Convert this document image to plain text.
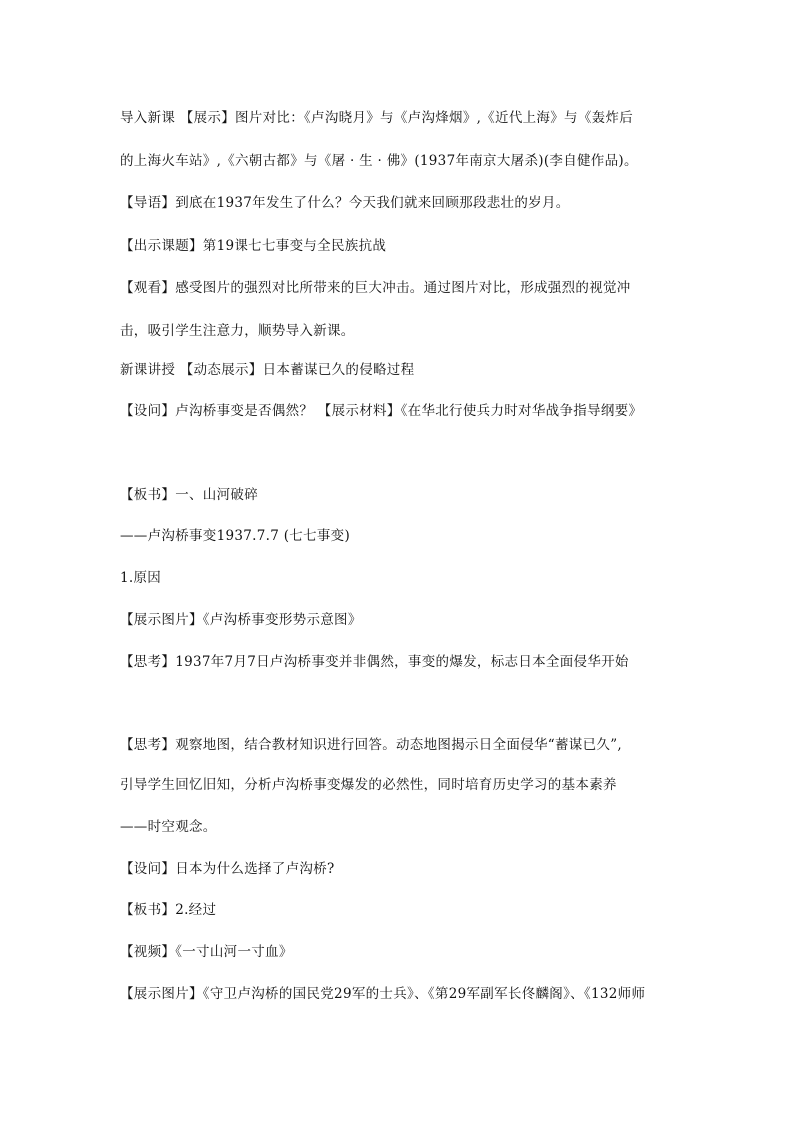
导入新课 【展示】图片对比：《卢沟晓月》与《卢沟烽烟》,《近代上海》与《轰炸后
的上海火车站》,《六朝古都》与《屠 · 生 · 佛》(1937年南京大屠杀)(李自健作品)。
【导语】到底在1937年发生了什么？今天我们就来回顾那段悲壮的岁月。
【出示课题】第19课七七事变与全民族抗战
【观看】感受图片的强烈对比所带来的巨大冲击。通过图片对比，形成强烈的视觉冲
击，吸引学生注意力，顺势导入新课。
新课讲授 【动态展示】日本蓄谋已久的侵略过程
【设问】卢沟桥事变是否偶然？ 【展示材料】《在华北行使兵力时对华战争指导纲要》
【板书】一、山河破碎
——卢沟桥事变1937.7.7 (七七事变)
1.原因
【展示图片】《卢沟桥事变形势示意图》
【思考】1937年7月7日卢沟桥事变并非偶然，事变的爆发，标志日本全面侵华开始
【思考】观察地图，结合教材知识进行回答。动态地图揭示日全面侵华“蓄谋已久”,
引导学生回忆旧知，分析卢沟桥事变爆发的必然性，同时培育历史学习的基本素养
——时空观念。
【设问】日本为什么选择了卢沟桥?
【板书】2.经过
【视频】《一寸山河一寸血》
【展示图片】《守卫卢沟桥的国民党29军的士兵》、《第29军副军长佟麟阁》、《132师师
